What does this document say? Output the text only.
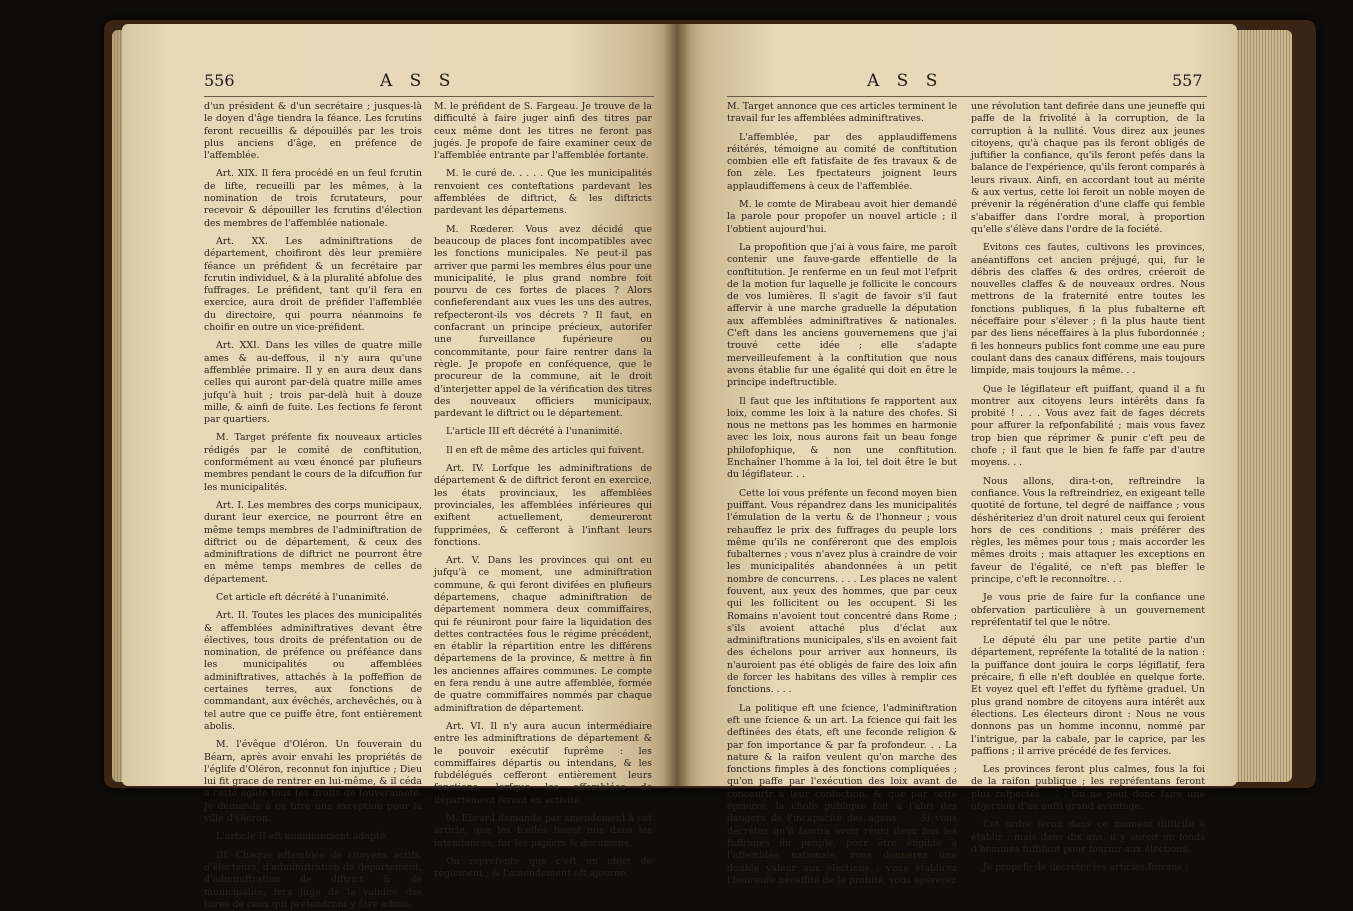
556	A S S

d'un président & d'un secrétaire ; jusques-là le doyen d'âge tiendra la féance. Les fcrutins feront recueillis & dépouillés par les trois plus anciens d'âge, en préfence de l'affemblée.

Art. XIX. Il fera procédé en un feul fcrutin de lifte, recueilli par les mêmes, à la nomination de trois fcrutateurs, pour recevoir & dépouiller les fcrutins d'élection des membres de l'affemblée nationale.

Art. XX. Les adminiftrations de département, choifiront dès leur première féance un préfident & un fecrétaire par fcrutin individuel, & à la pluralité abfolue des fuffrages. Le préfident, tant qu'il fera en exercice, aura droit de préfider l'affemblée du directoire, qui pourra néanmoins fe choifir en outre un vice-préfident.

Art. XXI. Dans les villes de quatre mille ames & au-deffous, il n'y aura qu'une affemblée primaire. Il y en aura deux dans celles qui auront par-delà quatre mille ames jufqu'à huit ; trois par-delà huit à douze mille, & ainfi de fuite. Les fections fe feront par quartiers.

M. Target préfente fix nouveaux articles rédigés par le comité de conftitution, conformément au vœu énoncé par plufieurs membres pendant le cours de la difcuffion fur les municipalités.

Art. I. Les membres des corps municipaux, durant leur exercice, ne pourront être en même temps membres de l'adminiftration de diftrict ou de département, & ceux des adminiftrations de diftrict ne pourront être en même temps membres de celles de département.

Cet article eft décrété à l'unanimité.

Art. II. Toutes les places des municipalités & affemblées adminiftratives devant être électives, tous droits de préfentation ou de nomination, de préfence ou préféance dans les municipalités ou affemblées adminiftratives, attachés à la poffeffion de certaines terres, aux fonctions de commandant, aux évêchés, archevêchés, ou à tel autre que ce puiffe être, font entièrement abolis.

M. l'évêque d'Oléron. Un fouverain du Béarn, après avoir envahi les propriétés de l'églife d'Oléron, reconnut fon injuftice ; Dieu lui fit grace de rentrer en lui-même, & il céda à cette églife tous fes droits de fouveraineté. Je demande à ce titre une exception pour la ville d'Oléron.

L'article II eft unanimement adopté.

III. Chaque affemblée de citoyens actifs, d'électeurs, d'adminiftration de département, d'adminiftration de diftrict & de municipalité, fera juge de la validité des titres de ceux qui prétendront y être admis.

M. le préfident de S. Fargeau. Je trouve de la difficulté à faire juger ainfi des titres par ceux même dont les titres ne feront pas jugés. Je propofe de faire examiner ceux de l'affemblée entrante par l'affemblée fortante.

M. le curé de. . . . . Que les municipalités renvoient ces conteftations pardevant les affemblées de diftrict, & les diftricts pardevant les départemens.

M. Rœderer. Vous avez décidé que beaucoup de places font incompatibles avec les fonctions municipales. Ne peut-il pas arriver que parmi les membres élus pour une municipalité, le plus grand nombre foit pourvu de ces fortes de places ? Alors confieferendant aux vues les uns des autres, refpecteront-ils vos décrets ? Il faut, en confacrant un principe précieux, autorifer une furveillance fupérieure ou concommitante, pour faire rentrer dans la règle. Je propofe en conféquence, que le procureur de la commune, ait le droit d'interjetter appel de la vérification des titres des nouveaux officiers municipaux, pardevant le diftrict ou le département.

L'article III eft décrété à l'unanimité.

Il en eft de même des articles qui fuivent.

Art. IV. Lorfque les adminiftrations de département & de diftrict feront en exercice, les états provinciaux, les affemblées provinciales, les affemblées inférieures qui exiftent actuellement, demeureront fupprimées, & cefferont à l'inftant leurs fonctions.

Art. V. Dans les provinces qui ont eu jufqu'à ce moment, une adminiftration commune, & qui feront divifées en plufieurs départemens, chaque adminiftration de département nommera deux commiffaires, qui fe réuniront pour faire la liquidation des dettes contractées fous le régime précédent, en établir la répartition entre les différens départemens de la province, & mettre à fin les anciennes affaires communes. Le compte en fera rendu à une autre affemblée, formée de quatre commiffaires nommés par chaque adminiftration de département.

Art. VI. Il n'y aura aucun intermédiaire entre les adminiftrations de département & le pouvoir exécutif fuprême : les commiffaires départis ou intendans, & les fubdélégués cefferont entièrement leurs fonctions, lorfque les affemblées de département feront en activité.

M. Ebrard demande par amendement à cet article, que les fcellés foient mis dans les intendances, fur les papiers & documens.

On repréfente que c'eft un objet de règlement ; & l'amendement eft ajourné.

A S S	557

M. Target annonce que ces articles terminent le travail fur les affemblées adminiftratives.

L'affemblée, par des applaudiffemens réitérés, témoigne au comité de conftitution combien elle eft fatisfaite de fes travaux & de fon zèle. Les fpectateurs joignent leurs applaudiffemens à ceux de l'affemblée.

M. le comte de Mirabeau avoit hier demandé la parole pour propofer un nouvel article ; il l'obtient aujourd'hui.

La propofition que j'ai à vous faire, me paroît contenir une fauve-garde effentielle de la conftitution. Je renferme en un feul mot l'efprit de la motion fur laquelle je follicite le concours de vos lumières. Il s'agit de favoir s'il faut affervir à une marche graduelle la députation aux affemblées adminiftratives & nationales. C'eft dans les anciens gouvernemens que j'ai trouvé cette idée ; elle s'adapte merveilleufement à la conftitution que nous avons établie fur une égalité qui doit en être le principe indeftructible.

Il faut que les inftitutions fe rapportent aux loix, comme les loix à la nature des chofes. Si nous ne mettons pas les hommes en harmonie avec les loix, nous aurons fait un beau fonge philofophique, & non une conftitution. Enchaîner l'homme à la loi, tel doit être le but du légiflateur. . .

Cette loi vous préfente un fecond moyen bien puiffant. Vous répandrez dans les municipalités l'émulation de la vertu & de l'honneur ; vous rehauffez le prix des fuffrages du peuple lors même qu'ils ne conféreront que des emplois fubalternes ; vous n'avez plus à craindre de voir les municipalités abandonnées à un petit nombre de concurrens. . . . Les places ne valent fouvent, aux yeux des hommes, que par ceux qui les follicitent ou les occupent. Si les Romains n'avoient tout concentré dans Rome ; s'ils avoient attaché plus d'éclat aux adminiftrations municipales, s'ils en avoient fait des échelons pour arriver aux honneurs, ils n'auroient pas été obligés de faire des loix afin de forcer les habitans des villes à remplir ces fonctions. . . .

La politique eft une fcience, l'adminiftration eft une fcience & un art. La fcience qui fait les deftinées des états, eft une feconde religion & par fon importance & par fa profondeur. . . La nature & la raifon veulent qu'on marche des fonctions fimples à des fonctions compliquées ; qu'on paffe par l'exécution des loix avant de concourir à leur confection, & que par cette épreuve, la chofe publique foit à l'abri des dangers de l'incapacité des agens. . . Si vous décrétez qu'il faudra avoir réuni deux fois les fuffrages du peuple, pour être éligible à l'affemblée nationale, vous donnerez une double valeur aux élections ; vous établirez l'heureufe néceffité de la probité, vous opérerez

une révolution tant defirée dans une jeuneffe qui paffe de la frivolité à la corruption, de la corruption à la nullité. Vous direz aux jeunes citoyens, qu'à chaque pas ils feront obligés de juftifier la confiance, qu'ils feront pefés dans la balance de l'expérience, qu'ils feront comparés à leurs rivaux. Ainfi, en accordant tout au mérite & aux vertus, cette loi feroit un noble moyen de prévenir la régénération d'une claffe qui femble s'abaiffer dans l'ordre moral, à proportion qu'elle s'élève dans l'ordre de la fociété.

Evitons ces fautes, cultivons les provinces, anéantiffons cet ancien préjugé, qui, fur le débris des claffes & des ordres, créeroit de nouvelles claffes & de nouveaux ordres. Nous mettrons de la fraternité entre toutes les fonctions publiques, fi la plus fubalterne eft néceffaire pour s'élever ; fi la plus haute tient par des liens néceffaires à la plus fubordonnée ; fi les honneurs publics font comme une eau pure coulant dans des canaux différens, mais toujours limpide, mais toujours la même. . .

Que le légiflateur eft puiffant, quand il a fu montrer aux citoyens leurs intérêts dans fa probité ! . . . Vous avez fait de fages décrets pour affurer la refponfabilité ; mais vous favez trop bien que réprimer & punir c'eft peu de chofe ; il faut que le bien fe faffe par d'autre moyens. . .

Nous allons, dira-t-on, reftreindre la confiance. Vous la reftreindriez, en exigeant telle quotité de fortune, tel degré de naiffance ; vous déshériteriez d'un droit naturel ceux qui feroient hors de ces conditions ; mais préférer des règles, les mêmes pour tous ; mais accorder les mêmes droits ; mais attaquer les exceptions en faveur de l'égalité, ce n'eft pas bleffer le principe, c'eft le reconnoître. . .

Je vous prie de faire fur la confiance une obfervation particulière à un gouvernement repréfentatif tel que le nôtre.

Le député élu par une petite partie d'un département, repréfente la totalité de la nation : la puiffance dont jouira le corps légiflatif, fera précaire, fi elle n'eft doublée en quelque forte. Et voyez quel eft l'effet du fyftème graduel. Un plus grand nombre de citoyens aura intérêt aux élections. Les électeurs diront : Nous ne vous donnons pas un homme inconnu, nommé par l'intrigue, par la cabale, par le caprice, par les paffions ; il arrive précédé de fes fervices.

Les provinces feront plus calmes, fous la foi de la raifon publique ; les repréfentans feront plus refpectés. . . . On ne peut donc faire une objection d'un auffi grand avantage.

Cet ordre feroit dans ce moment difficile à établir ; mais dans dix ans, il y auroit un fonds d'hommes fuffifant pour fournir aux élections.

Je propofe de décréter les articles fuivans :
